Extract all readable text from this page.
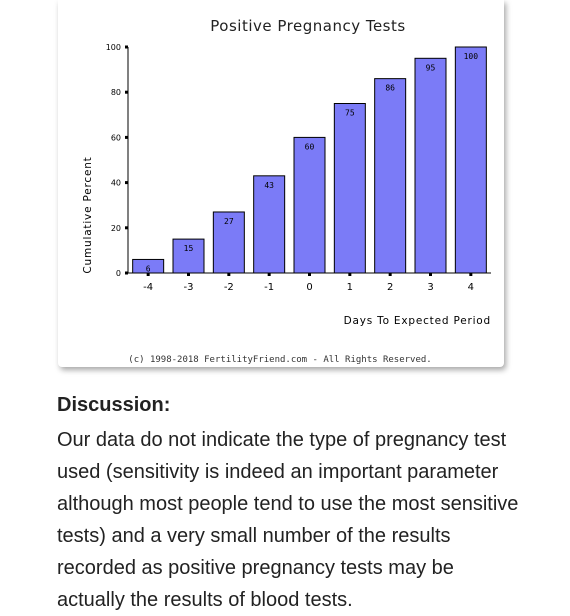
Positive Pregnancy Tests
0
20
40
60
80
100
6
15
27
43
60
75
86
95
100
-4	-3	-2	-1	0	1	2	3	4
Cumulative Percent
Days To Expected Period
(c) 1998-2018 FertilityFriend.com - All Rights Reserved.
Discussion:

Our data do not indicate the type of pregnancy test used (sensitivity is indeed an important parameter although most people tend to use the most sensitive tests) and a very small number of the results recorded as positive pregnancy tests may be actually the results of blood tests.
